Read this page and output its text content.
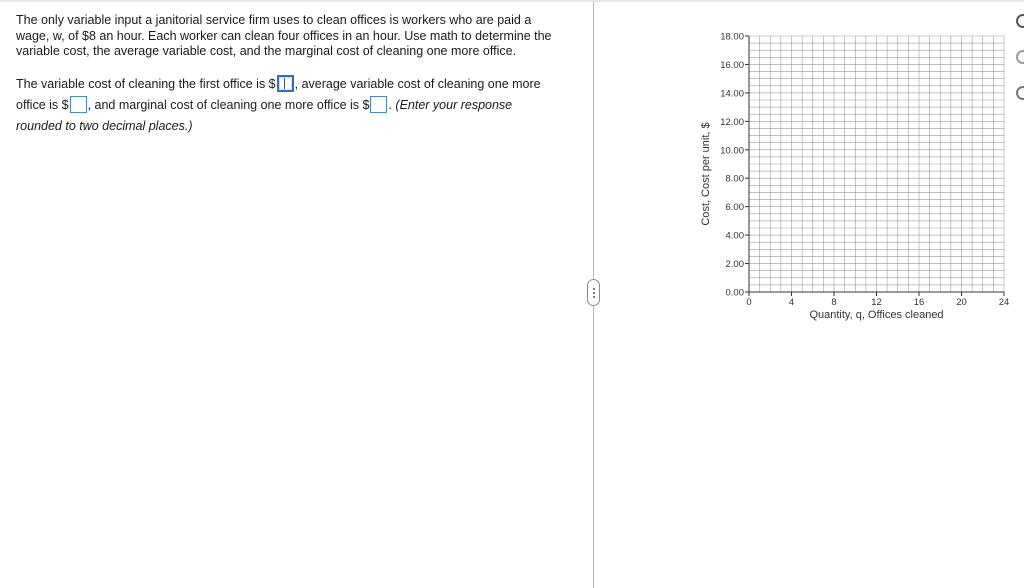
The only variable input a janitorial service firm uses to clean offices is workers who are paid a wage, w, of $8 an hour. Each worker can clean four offices in an hour. Use math to determine the variable cost, the average variable cost, and the marginal cost of cleaning one more office.

The variable cost of cleaning the first office is $ , average variable cost of cleaning one more office is $ , and marginal cost of cleaning one more office is $ . (Enter your response rounded to two decimal places.)

0.00
2.00
4.00
6.00
8.00
10.00
12.00
14.00
16.00
18.00
0	4	8	12	16	20	24
Quantity, q, Offices cleaned
Cost, Cost per unit, $
